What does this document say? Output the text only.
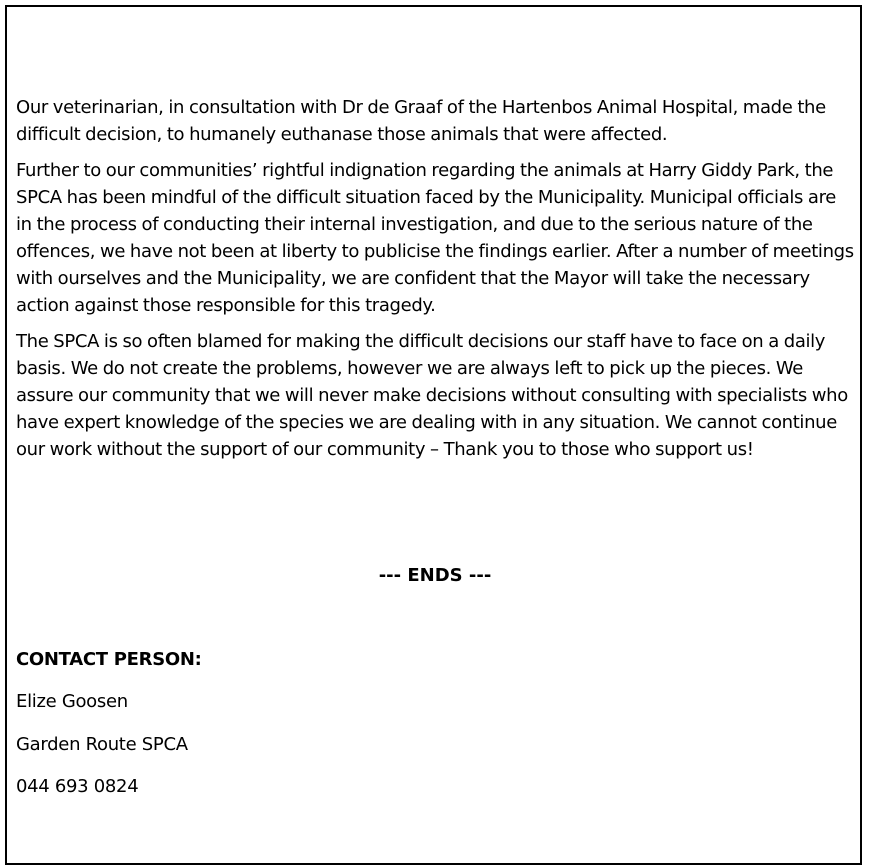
Our veterinarian, in consultation with Dr de Graaf of the Hartenbos Animal Hospital, made the difficult decision, to humanely euthanase those animals that were affected.

Further to our communities’ rightful indignation regarding the animals at Harry Giddy Park, the SPCA has been mindful of the difficult situation faced by the Municipality. Municipal officials are in the process of conducting their internal investigation, and due to the serious nature of the offences, we have not been at liberty to publicise the findings earlier. After a number of meetings with ourselves and the Municipality, we are confident that the Mayor will take the necessary action against those responsible for this tragedy.

The SPCA is so often blamed for making the difficult decisions our staff have to face on a daily basis. We do not create the problems, however we are always left to pick up the pieces. We assure our community that we will never make decisions without consulting with specialists who have expert knowledge of the species we are dealing with in any situation. We cannot continue our work without the support of our community – Thank you to those who support us!

--- ENDS ---
CONTACT PERSON:
Elize Goosen
Garden Route SPCA
044 693 0824
